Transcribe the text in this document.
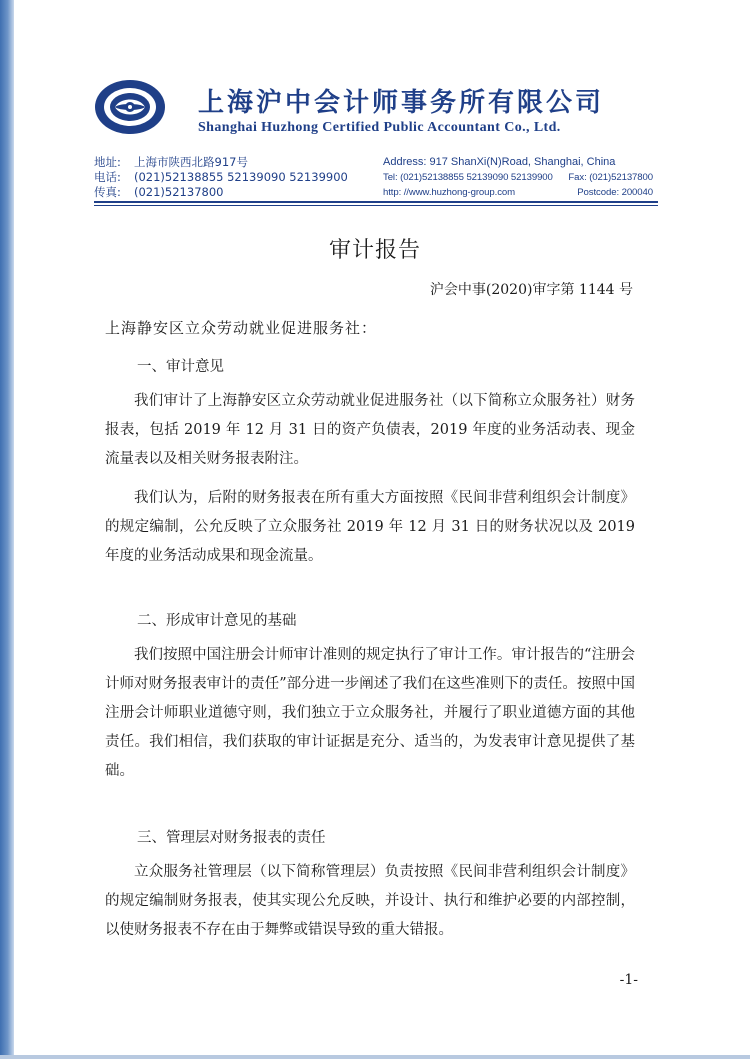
上海沪中会计师事务所有限公司
Shanghai Huzhong Certified Public Accountant Co., Ltd.
地址:	上海市陕西北路917号
电话:	(021)52138855 52139090 52139900
传真:	(021)52137800
Address:
917 ShanXi(N)Road, Shanghai, China
Tel: (021)52138855 52139090 52139900 Fax: (021)52137800
http: //www.huzhong-group.com	Postcode: 200040
审计报告
沪会中事(2020)审字第 1144 号
上海静安区立众劳动就业促进服务社：
一、审计意见
我们审计了上海静安区立众劳动就业促进服务社（以下简称立众服务社）财务报表，包括 2019 年 12 月 31 日的资产负债表，2019 年度的业务活动表、现金流量表以及相关财务报表附注。
我们认为，后附的财务报表在所有重大方面按照《民间非营利组织会计制度》的规定编制，公允反映了立众服务社 2019 年 12 月 31 日的财务状况以及 2019 年度的业务活动成果和现金流量。
二、形成审计意见的基础
我们按照中国注册会计师审计准则的规定执行了审计工作。审计报告的“注册会计师对财务报表审计的责任”部分进一步阐述了我们在这些准则下的责任。按照中国注册会计师职业道德守则，我们独立于立众服务社，并履行了职业道德方面的其他责任。我们相信，我们获取的审计证据是充分、适当的，为发表审计意见提供了基础。
三、管理层对财务报表的责任
立众服务社管理层（以下简称管理层）负责按照《民间非营利组织会计制度》的规定编制财务报表，使其实现公允反映，并设计、执行和维护必要的内部控制，以使财务报表不存在由于舞弊或错误导致的重大错报。
-1-
